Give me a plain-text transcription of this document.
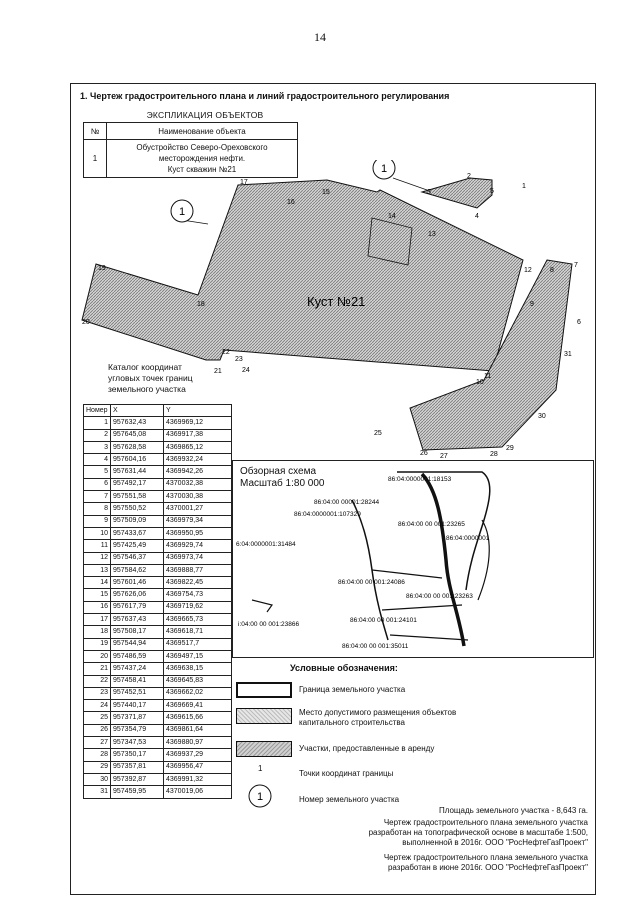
14
1. Чертеж градостроительного плана и линий градостроительного регулирования
ЭКСПЛИКАЦИЯ ОБЪЕКТОВ
№	Наименование объекта
1	Обустройство Северо-Ореховского
месторождения нефти.
Куст скважин №21
1
1
Куст №21
1
2
3
4
5
6
7
8
9
10
11
12
13
14
15
16
17
18
19
20
21
22
23
24
25
26 27	28
29
30
31
Каталог координат
угловых точек границ
земельного участка
Номер	X	Y
1	957632,43	4369969,12
2	957645,08	4369917,38
3	957628,58	4369865,12
4	957604,16	4369932,24
5	957631,44	4369942,26
6	957492,17	4370032,38
7	957551,58	4370030,38
8	957550,52	4370001,27
9	957509,09	4369979,34
10	957433,67	4369950,95
11	957425,49	4369929,74
12	957546,37	4369973,74
13	957584,62	4369888,77
14	957601,46	4369822,45
15	957626,06	4369754,73
16	957617,79	4369719,62
17	957637,43	4369665,73
18	957508,17	4369618,71
19	957544,94	4369517,7
20	957486,59	4369497,15
21	957437,24	4369638,15
22	957458,41	4369645,83
23	957452,51	4369662,02
24	957440,17	4369669,41
25	957371,87	4369615,66
26	957354,79	4369861,64
27	957347,53	4369880,97
28	957350,17	4369937,29
29	957357,81	4369956,47
30	957392,87	4369991,32
31	957459,95	4370019,06
86:04:0000001:18153
86:04:00 00001:28244
86:04:0000001:107329
86:04:00 00 001:23265
86:04:0000001
6:04:0000001:31484
86:04:00 00 001:24086
86:04:00 00 001:23263
i:04:00 00 001:23866
86:04:00 00 001:24101
86:04:00 00 001:35011
Обзорная схема
Масштаб 1:80 000
Условные обозначения:
Граница земельного участка
Место допустимого размещения объектов
капитального строительства
Участки, предоставленные в аренду
1
Точки координат границы
1	Номер земельного участка
Площадь земельного участка - 8,643 га.
Чертеж градостроительного плана земельного участка
разработан на топографической основе в масштабе 1:500,
выполненной в 2016г. ООО "РосНефтеГазПроект"
Чертеж градостроительного плана земельного участка
разработан в июне 2016г. ООО "РосНефтеГазПроект"
